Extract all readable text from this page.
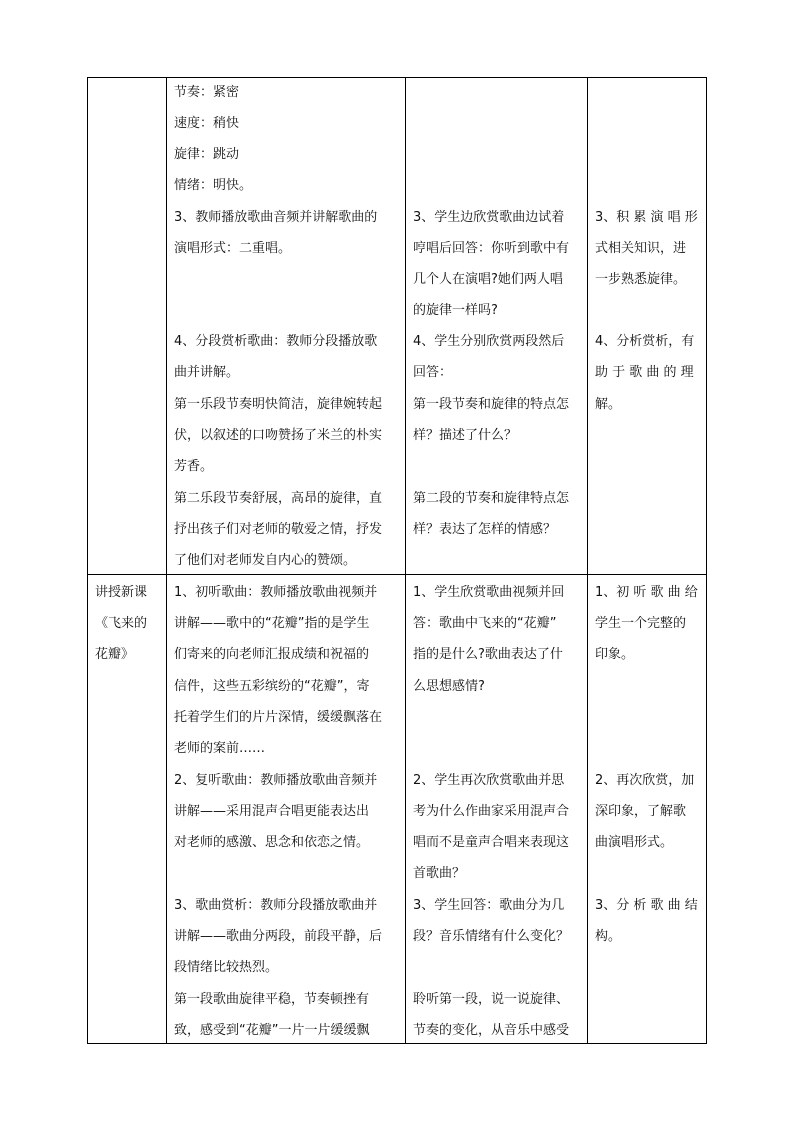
节奏：紧密

速度：稍快

旋律：跳动

情绪：明快。

3、教师播放歌曲音频并讲解歌曲的

演唱形式：二重唱。

4、分段赏析歌曲：教师分段播放歌

曲并讲解。

第一乐段节奏明快简洁，旋律婉转起

伏，以叙述的口吻赞扬了米兰的朴实

芳香。

第二乐段节奏舒展，高昂的旋律，直

抒出孩子们对老师的敬爱之情，抒发

了他们对老师发自内心的赞颂。

3、学生边欣赏歌曲边试着

哼唱后回答：你听到歌中有

几个人在演唱?她们两人唱

的旋律一样吗?

4、学生分别欣赏两段然后

回答：

第一段节奏和旋律的特点怎

样？描述了什么？

第二段的节奏和旋律特点怎

样？表达了怎样的情感？

3、积 累 演 唱 形

式相关知识，进

一步熟悉旋律。

4、分析赏析，有

助 于 歌 曲 的 理

解。

讲授新课

《飞来的

花瓣》

1、初听歌曲：教师播放歌曲视频并

讲解——歌中的“花瓣”指的是学生

们寄来的向老师汇报成绩和祝福的

信件，这些五彩缤纷的“花瓣”，寄

托着学生们的片片深情，缓缓飘落在

老师的案前……

2、复听歌曲：教师播放歌曲音频并

讲解——采用混声合唱更能表达出

对老师的感激、思念和依恋之情。

3、歌曲赏析：教师分段播放歌曲并

讲解——歌曲分两段，前段平静，后

段情绪比较热烈。

第一段歌曲旋律平稳，节奏顿挫有

致，感受到“花瓣”一片一片缓缓飘

1、学生欣赏歌曲视频并回

答：歌曲中飞来的“花瓣”

指的是什么?歌曲表达了什

么思想感情?

2、学生再次欣赏歌曲并思

考为什么作曲家采用混声合

唱而不是童声合唱来表现这

首歌曲？

3、学生回答：歌曲分为几

段？音乐情绪有什么变化？

聆听第一段，说一说旋律、

节奏的变化，从音乐中感受

1、初 听 歌 曲 给

学生一个完整的

印象。

2、再次欣赏，加

深印象，了解歌

曲演唱形式。

3、分 析 歌 曲 结

构。
